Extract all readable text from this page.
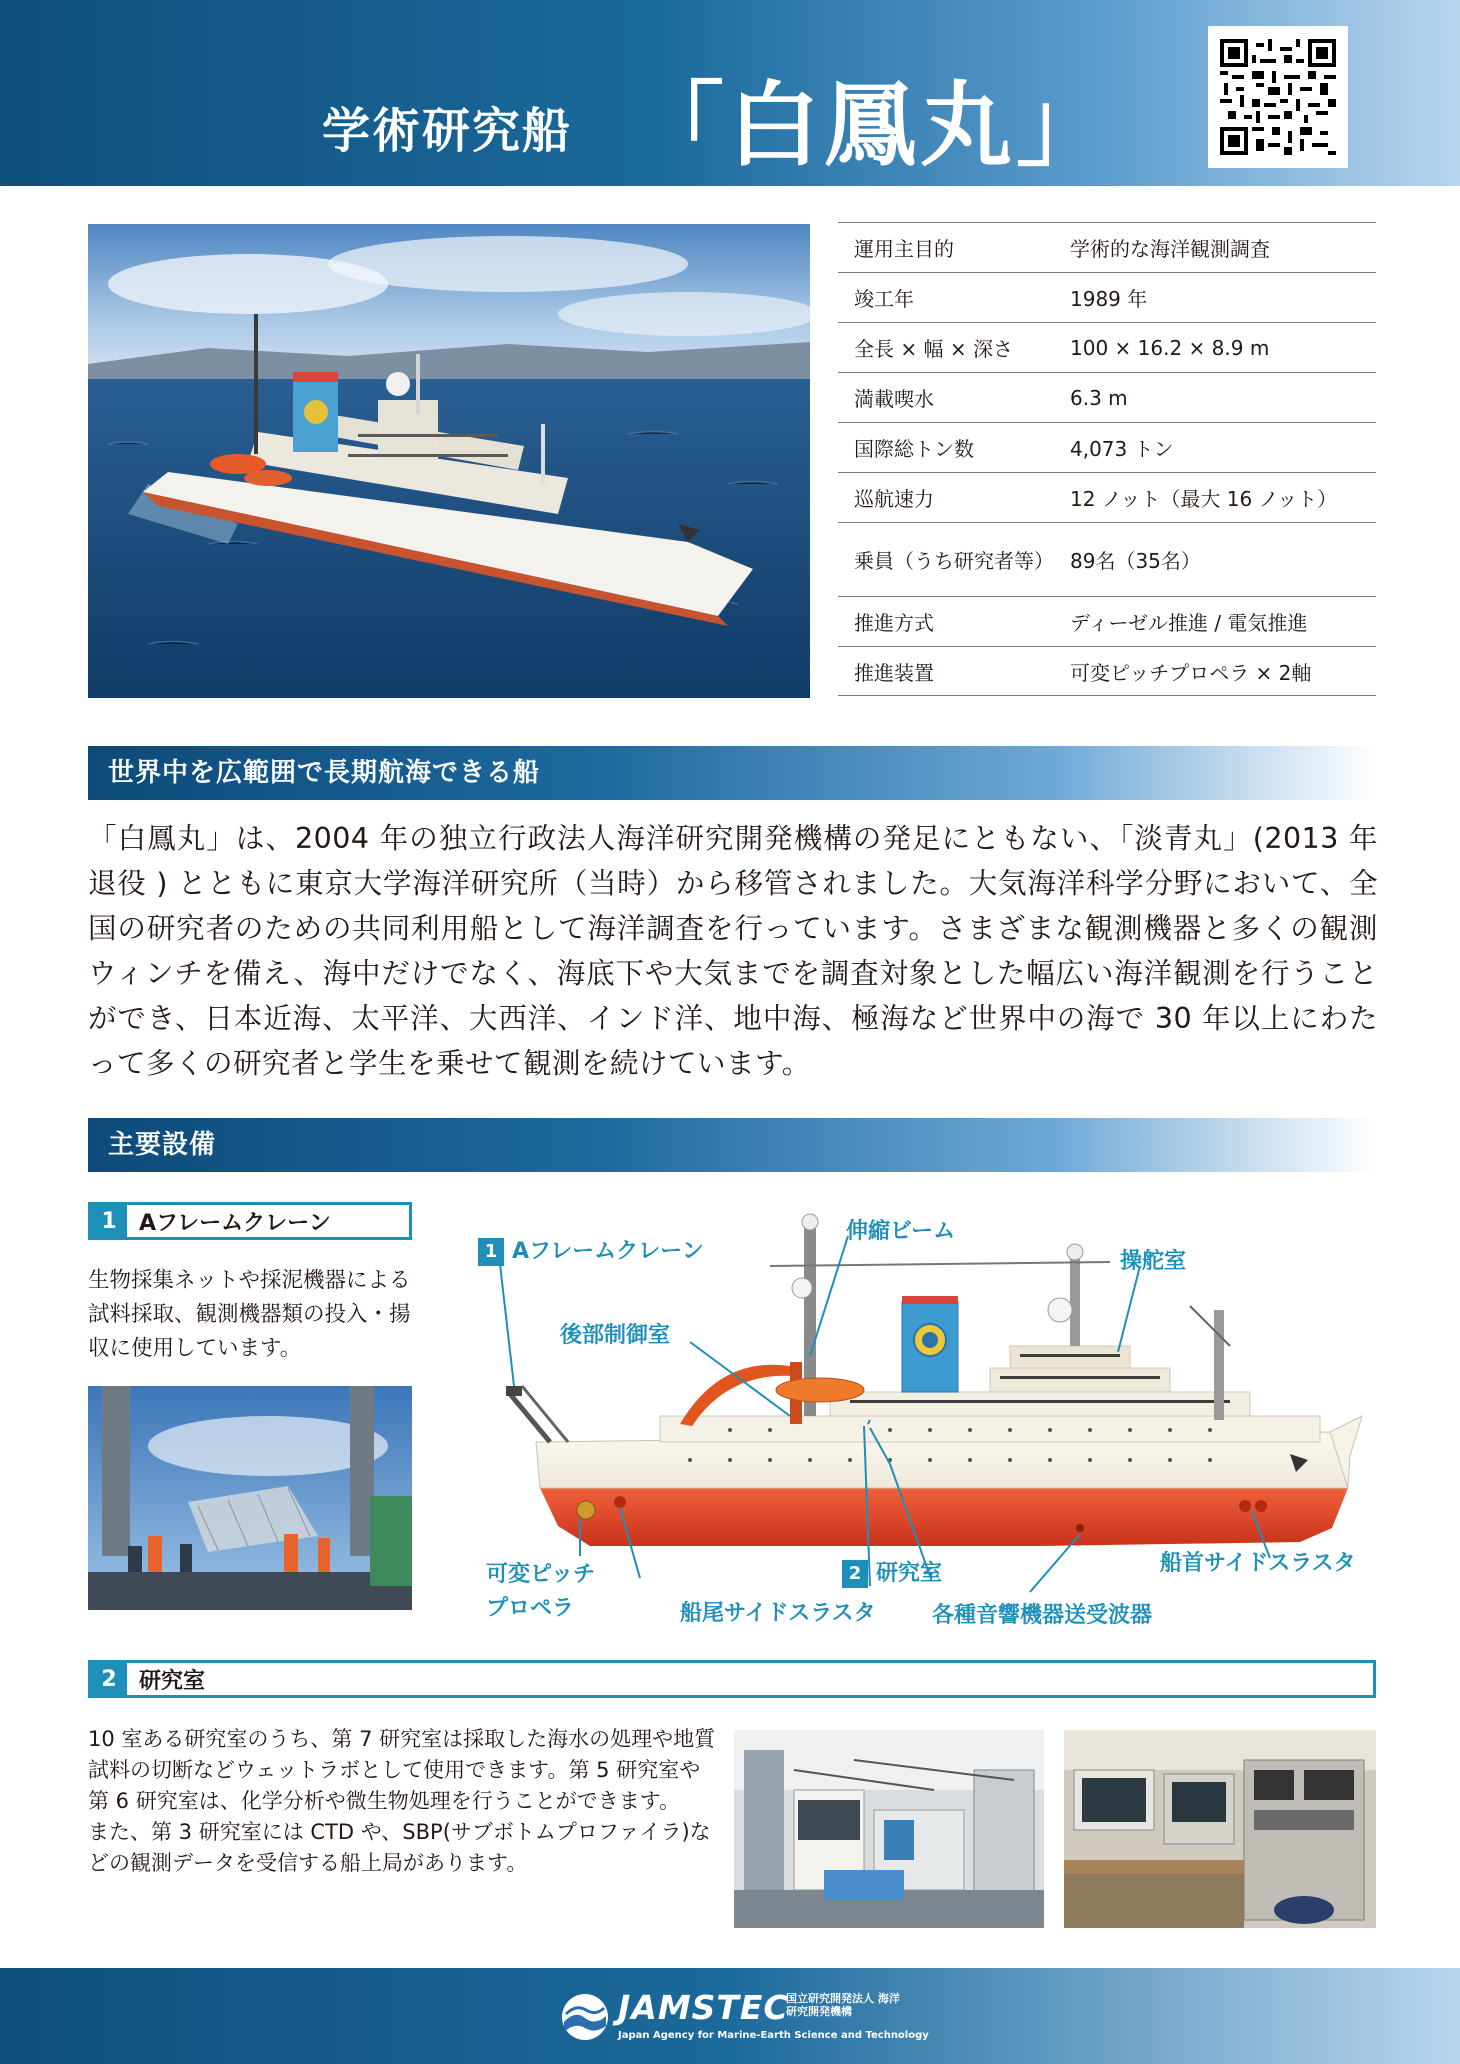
学術研究船 「白鳳丸」
運用主目的	学術的な海洋観測調査
竣工年	1989 年
全長 × 幅 × 深さ	100 × 16.2 × 8.9 m
満載喫水	6.3 m
国際総トン数	4,073 トン
巡航速力	12 ノット（最大 16 ノット）
乗員（うち研究者等） 89名（35名）
推進方式	ディーゼル推進 / 電気推進
推進装置	可変ピッチプロペラ × 2軸
世界中を広範囲で長期航海できる船
「白鳳丸」は、2004 年の独立行政法人海洋研究開発機構の発足にともない、「淡青丸」(2013 年退役 ) とともに東京大学海洋研究所（当時）から移管されました。大気海洋科学分野において、全国の研究者のための共同利用船として海洋調査を行っています。さまざまな観測機器と多くの観測ウィンチを備え、海中だけでなく、海底下や大気までを調査対象とした幅広い海洋観測を行うことができ、日本近海、太平洋、大西洋、インド洋、地中海、極海など世界中の海で 30 年以上にわたって多くの研究者と学生を乗せて観測を続けています。
主要設備
1	Aフレームクレーン
生物採集ネットや採泥機器による試料採取、観測機器類の投入・揚収に使用しています。
1 Aフレームクレーン
伸縮ビーム
操舵室
後部制御室
2 研究室
可変ピッチ
プロペラ	船尾サイドスラスタ
船首サイドスラスタ
各種音響機器送受波器
2	研究室
10 室ある研究室のうち、第 7 研究室は採取した海水の処理や地質試料の切断などウェットラボとして使用できます。第 5 研究室や第 6 研究室は、化学分析や微生物処理を行うことができます。
また、第 3 研究室には CTD や、SBP(サブボトムプロファイラ)などの観測データを受信する船上局があります。
JAMSTEC
国立研究開発法人 海洋研究開発機構
Japan Agency for Marine-Earth Science and Technology
